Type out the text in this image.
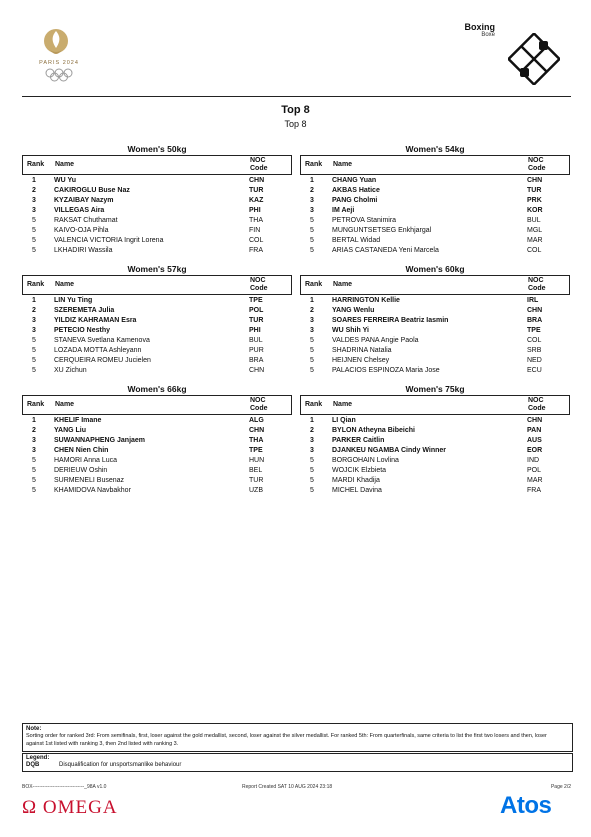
PARIS 2024
Boxing
Boxe
Top 8
Top 8
Women's 50kg
Rank Name
NOC
Code
1	WU Yu	CHN
2	CAKIROGLU Buse Naz	TUR
3	KYZAIBAY Nazym	KAZ
3	VILLEGAS Aira	PHI
5	RAKSAT Chuthamat	THA
5	KAIVO-OJA Pihla	FIN
5	VALENCIA VICTORIA Ingrit Lorena	COL
5	LKHADIRI Wassila	FRA
Women's 54kg
Rank Name
NOC
Code
1	CHANG Yuan	CHN
2	AKBAS Hatice	TUR
3	PANG Cholmi	PRK
3	IM Aeji	KOR
5	PETROVA Stanimira	BUL
5	MUNGUNTSETSEG Enkhjargal	MGL
5	BERTAL Widad	MAR
5	ARIAS CASTANEDA Yeni Marcela	COL
Women's 57kg
Rank Name
NOC
Code
1	LIN Yu Ting	TPE
2	SZEREMETA Julia	POL
3	YILDIZ KAHRAMAN Esra	TUR
3	PETECIO Nesthy	PHI
5	STANEVA Svetlana Kamenova	BUL
5	LOZADA MOTTA Ashleyann	PUR
5	CERQUEIRA ROMEU Jucielen	BRA
5	XU Zichun	CHN
Women's 60kg
Rank Name
NOC
Code
1	HARRINGTON Kellie	IRL
2	YANG Wenlu	CHN
3	SOARES FERREIRA Beatriz Iasmin	BRA
3	WU Shih Yi	TPE
5	VALDES PANA Angie Paola	COL
5	SHADRINA Natalia	SRB
5	HEIJNEN Chelsey	NED
5	PALACIOS ESPINOZA Maria Jose	ECU
Women's 66kg
Rank Name
NOC
Code
1	KHELIF Imane	ALG
2	YANG Liu	CHN
3	SUWANNAPHENG Janjaem	THA
3	CHEN Nien Chin	TPE
5	HAMORI Anna Luca	HUN
5	DERIEUW Oshin	BEL
5	SURMENELI Busenaz	TUR
5	KHAMIDOVA Navbakhor	UZB
Women's 75kg
Rank Name
NOC
Code
1	LI Qian	CHN
2	BYLON Atheyna Bibeichi	PAN
3	PARKER Caitlin	AUS
3	DJANKEU NGAMBA Cindy Winner	EOR
5	BORGOHAIN Lovlina	IND
5	WOJCIK Elzbieta	POL
5	MARDI Khadija	MAR
5	MICHEL Davina	FRA
Note:
Sorting order for ranked 3rd: From semifinals, first, loser against the gold medallist, second, loser against the silver medallist. For ranked 5th: From quarterfinals, same criteria to list the first two losers and then, loser against 1st listed with ranking 3, then 2nd listed with ranking 3.
Legend:
DQB	Disqualification for unsportsmanlike behaviour
BOX-------------------------------_98A v1.0	Report Created SAT 10 AUG 2024 23:18	Page 2/2
Ω OMEGA	Atos
